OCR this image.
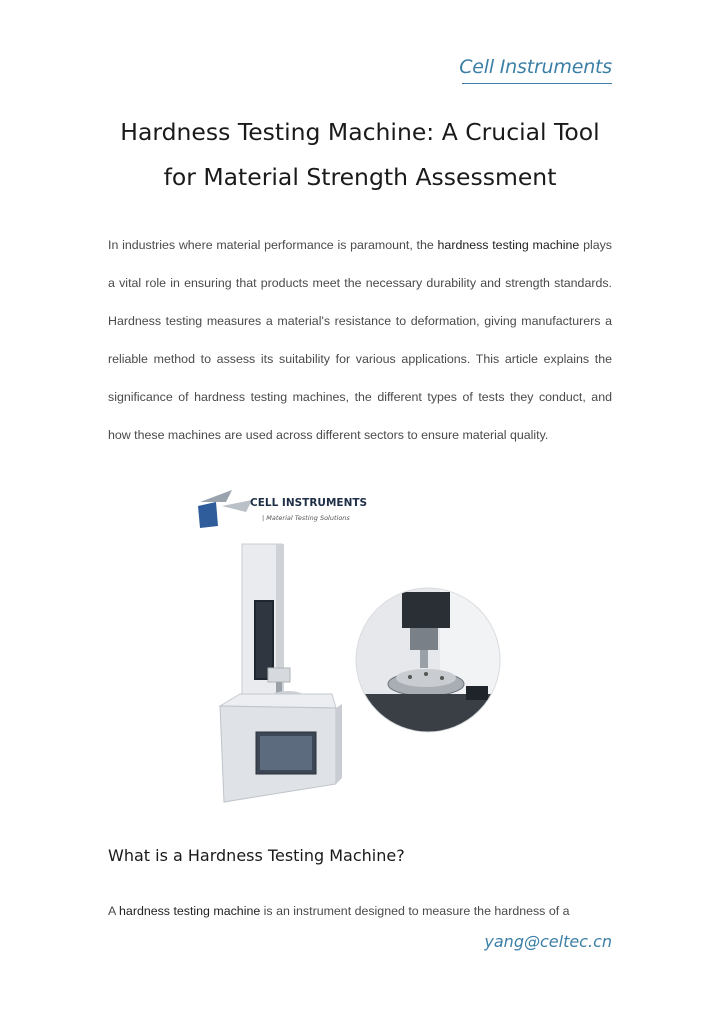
Cell Instruments
Hardness Testing Machine: A Crucial Tool
for Material Strength Assessment

In industries where material performance is paramount, the hardness testing machine plays a vital role in ensuring that products meet the necessary durability and strength standards. Hardness testing measures a material's resistance to deformation, giving manufacturers a reliable method to assess its suitability for various applications. This article explains the significance of hardness testing machines, the different types of tests they conduct, and how these machines are used across different sectors to ensure material quality.

CELL INSTRUMENTS
| Material Testing Solutions
What is a Hardness Testing Machine?

A hardness testing machine is an instrument designed to measure the hardness of a

yang@celtec.cn
